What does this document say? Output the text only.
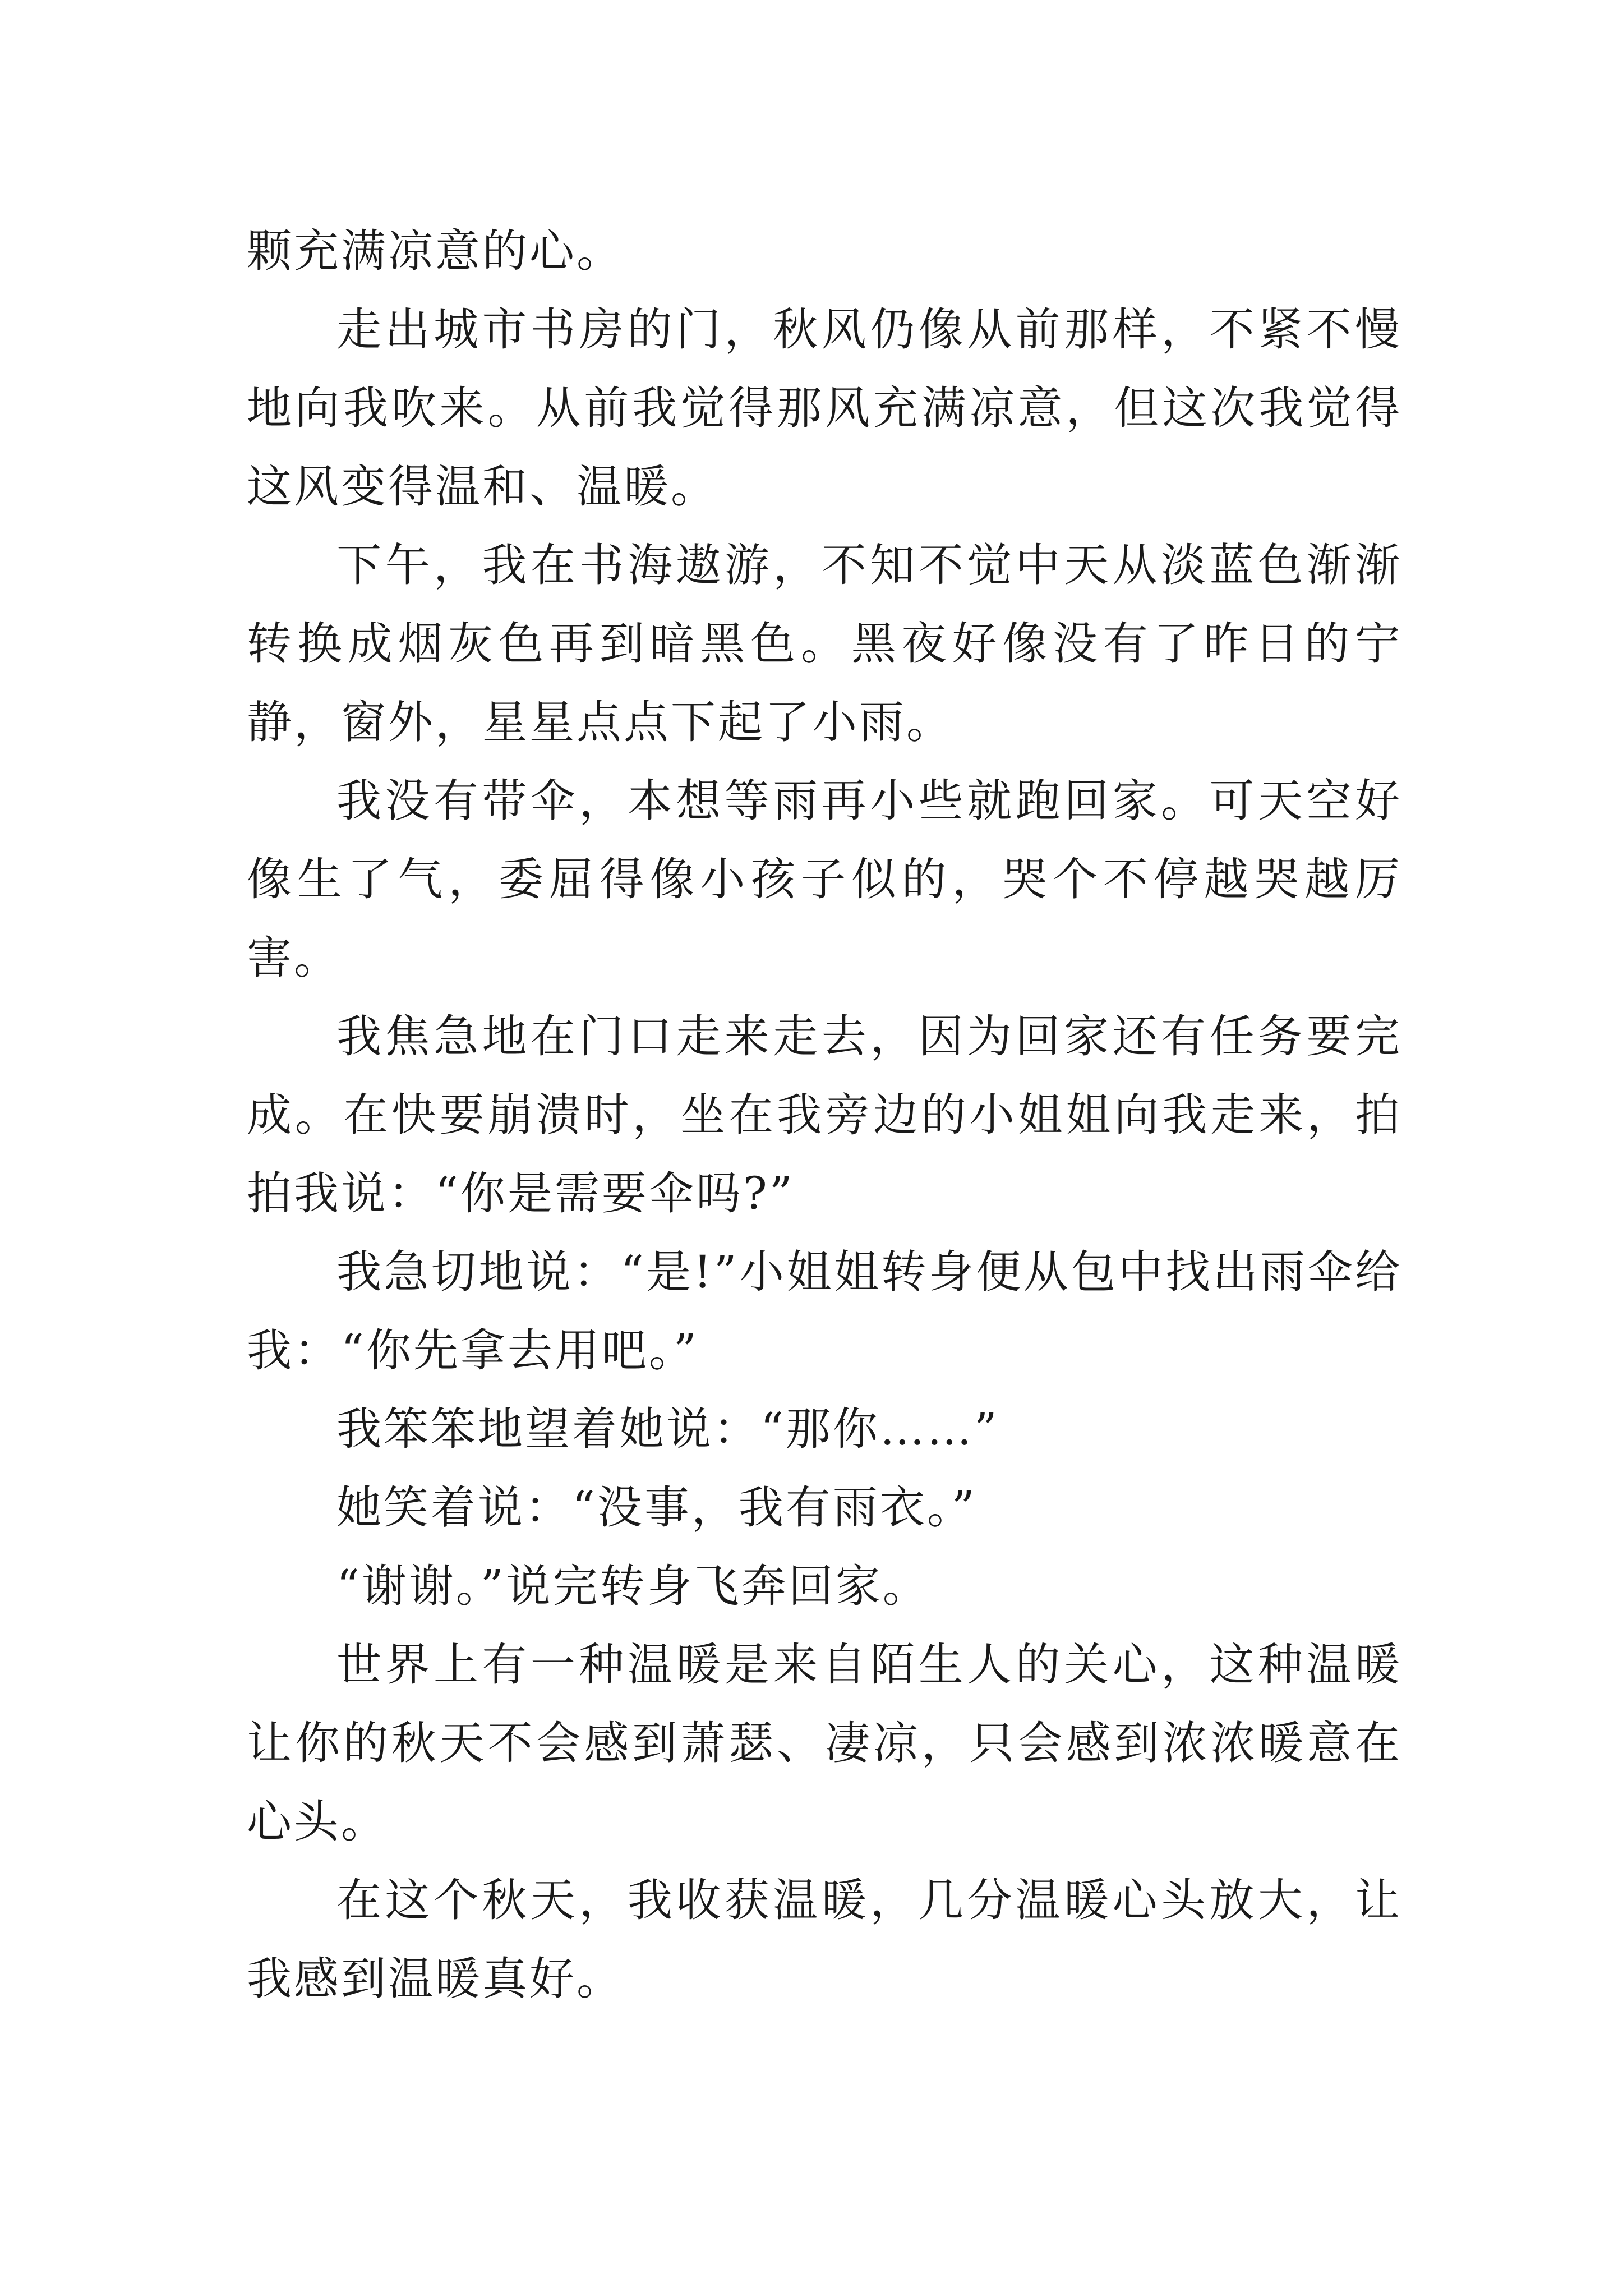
颗充满凉意的心。

走出城市书房的门，秋风仍像从前那样，不紧不慢地向我吹来。从前我觉得那风充满凉意，但这次我觉得这风变得温和、温暖。

下午，我在书海遨游，不知不觉中天从淡蓝色渐渐转换成烟灰色再到暗黑色。黑夜好像没有了昨日的宁静，窗外，星星点点下起了小雨。

我没有带伞，本想等雨再小些就跑回家。可天空好像生了气，委屈得像小孩子似的，哭个不停越哭越厉害。

我焦急地在门口走来走去，因为回家还有任务要完成。在快要崩溃时，坐在我旁边的小姐姐向我走来，拍拍我说：“你是需要伞吗?”

我急切地说：“是!”小姐姐转身便从包中找出雨伞给我：“你先拿去用吧。”

我笨笨地望着她说：“那你……”

她笑着说：“没事，我有雨衣。”

“谢谢。”说完转身飞奔回家。

世界上有一种温暖是来自陌生人的关心，这种温暖让你的秋天不会感到萧瑟、凄凉，只会感到浓浓暖意在心头。

在这个秋天，我收获温暖，几分温暖心头放大，让我感到温暖真好。
